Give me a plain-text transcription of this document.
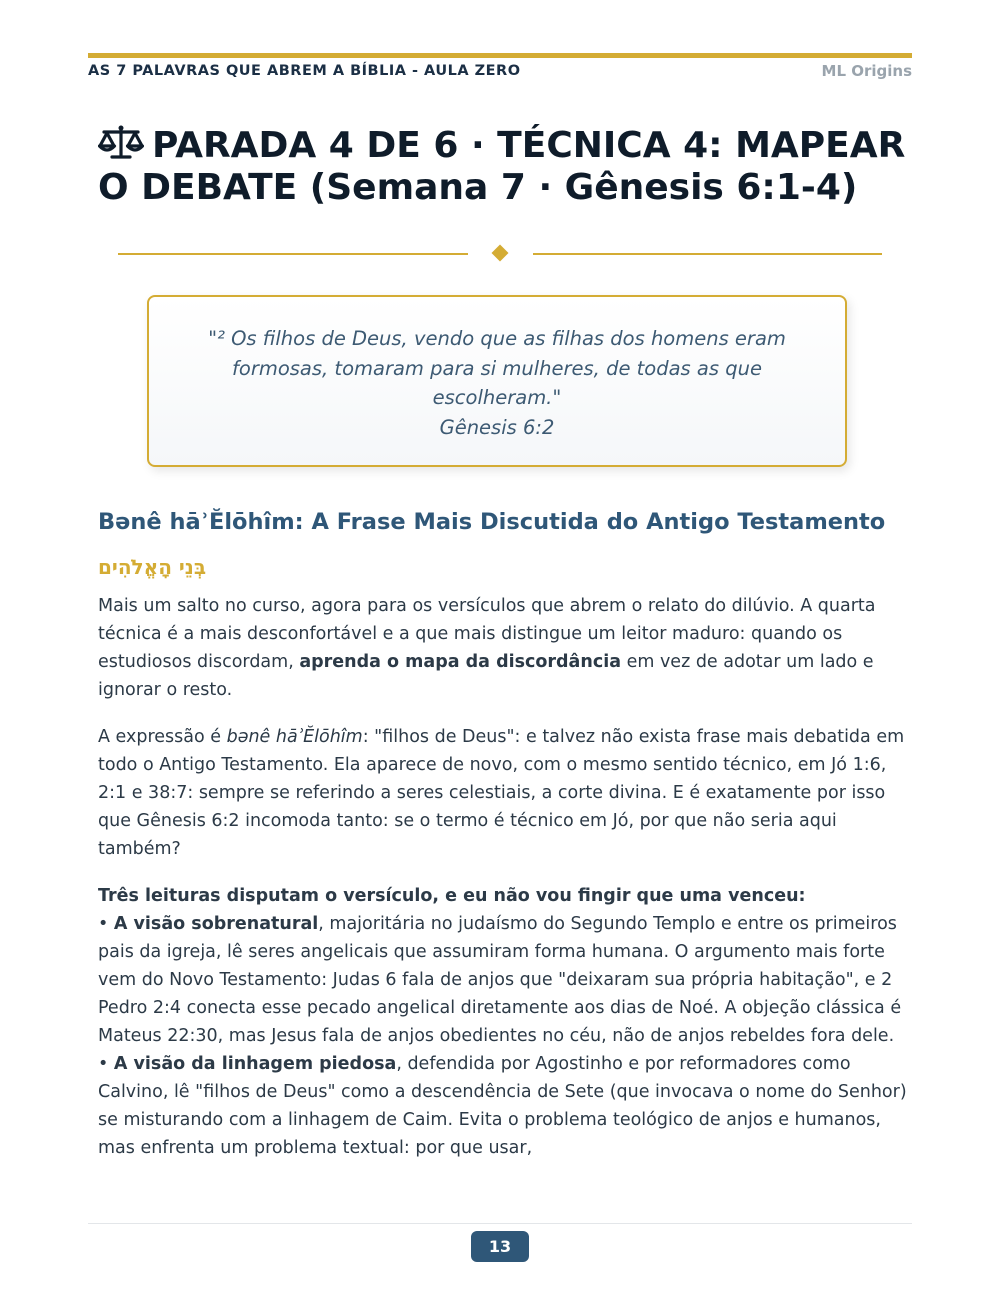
AS 7 PALAVRAS QUE ABREM A BÍBLIA - AULA ZERO	ML Origins
PARADA 4 DE 6 · TÉCNICA 4: MAPEAR O DEBATE (Semana 7 · Gênesis 6:1-4)
"² Os filhos de Deus, vendo que as filhas dos homens eram formosas, tomaram para si mulheres, de todas as que escolheram."
Gênesis 6:2
Bənê hāʾĔlōhîm: A Frase Mais Discutida do Antigo Testamento
בְּנֵי הָאֱלֹהִים

Mais um salto no curso, agora para os versículos que abrem o relato do dilúvio. A quarta técnica é a mais desconfortável e a que mais distingue um leitor maduro: quando os estudiosos discordam, aprenda o mapa da discordância em vez de adotar um lado e ignorar o resto.

A expressão é bənê hāʾĔlōhîm: "filhos de Deus": e talvez não exista frase mais debatida em todo o Antigo Testamento. Ela aparece de novo, com o mesmo sentido técnico, em Jó 1:6, 2:1 e 38:7: sempre se referindo a seres celestiais, a corte divina. E é exatamente por isso que Gênesis 6:2 incomoda tanto: se o termo é técnico em Jó, por que não seria aqui também?

Três leituras disputam o versículo, e eu não vou fingir que uma venceu:
• A visão sobrenatural, majoritária no judaísmo do Segundo Templo e entre os primeiros pais da igreja, lê seres angelicais que assumiram forma humana. O argumento mais forte vem do Novo Testamento: Judas 6 fala de anjos que "deixaram sua própria habitação", e 2 Pedro 2:4 conecta esse pecado angelical diretamente aos dias de Noé. A objeção clássica é Mateus 22:30, mas Jesus fala de anjos obedientes no céu, não de anjos rebeldes fora dele.
• A visão da linhagem piedosa, defendida por Agostinho e por reformadores como Calvino, lê "filhos de Deus" como a descendência de Sete (que invocava o nome do Senhor) se misturando com a linhagem de Caim. Evita o problema teológico de anjos e humanos, mas enfrenta um problema textual: por que usar,
13
